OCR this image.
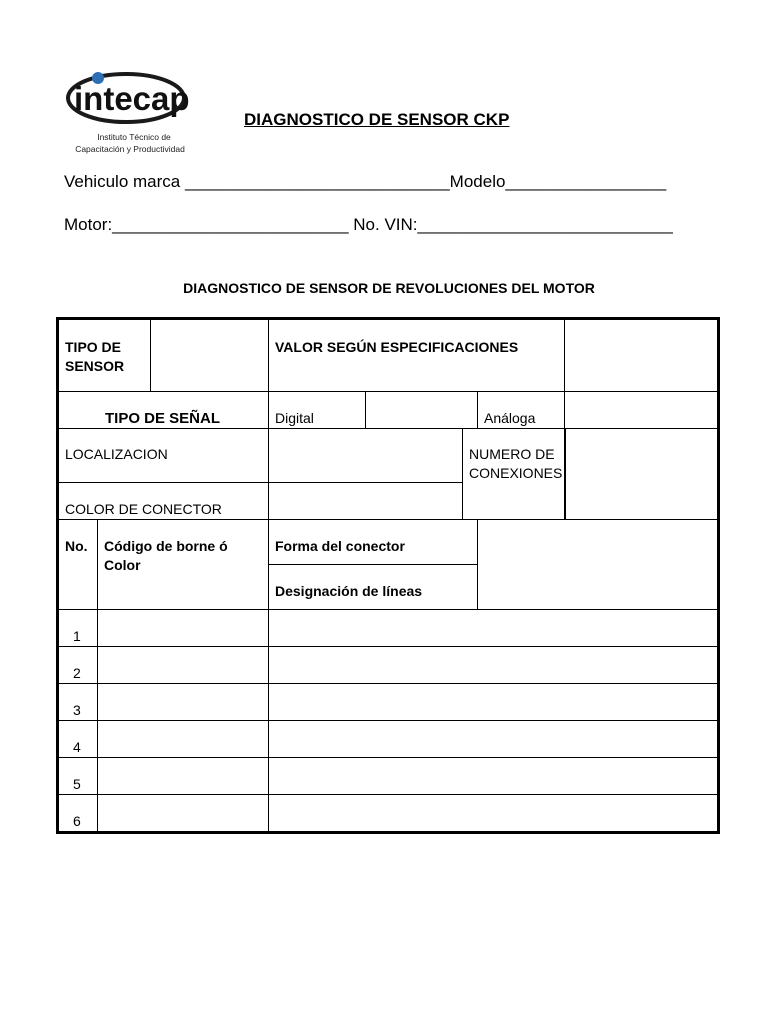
intecap
Instituto Técnico de
Capacitación y Productividad
DIAGNOSTICO DE SENSOR CKP
Vehiculo marca ____________________________Modelo_________________
Motor:_________________________ No. VIN:___________________________
DIAGNOSTICO DE SENSOR DE REVOLUCIONES DEL MOTOR
TIPO DE SENSOR			VALOR SEGÚN ESPECIFICACIONES				

TIPO DE SEÑAL			Digital			Análoga	

LOCALIZACION					NUMERO DE CONEXIONES		

COLOR DE CONECTOR							

No.	Código de borne ó Color		Forma del conector				

			Designación de líneas				

1							

2							

3							

4							

5							

6							
